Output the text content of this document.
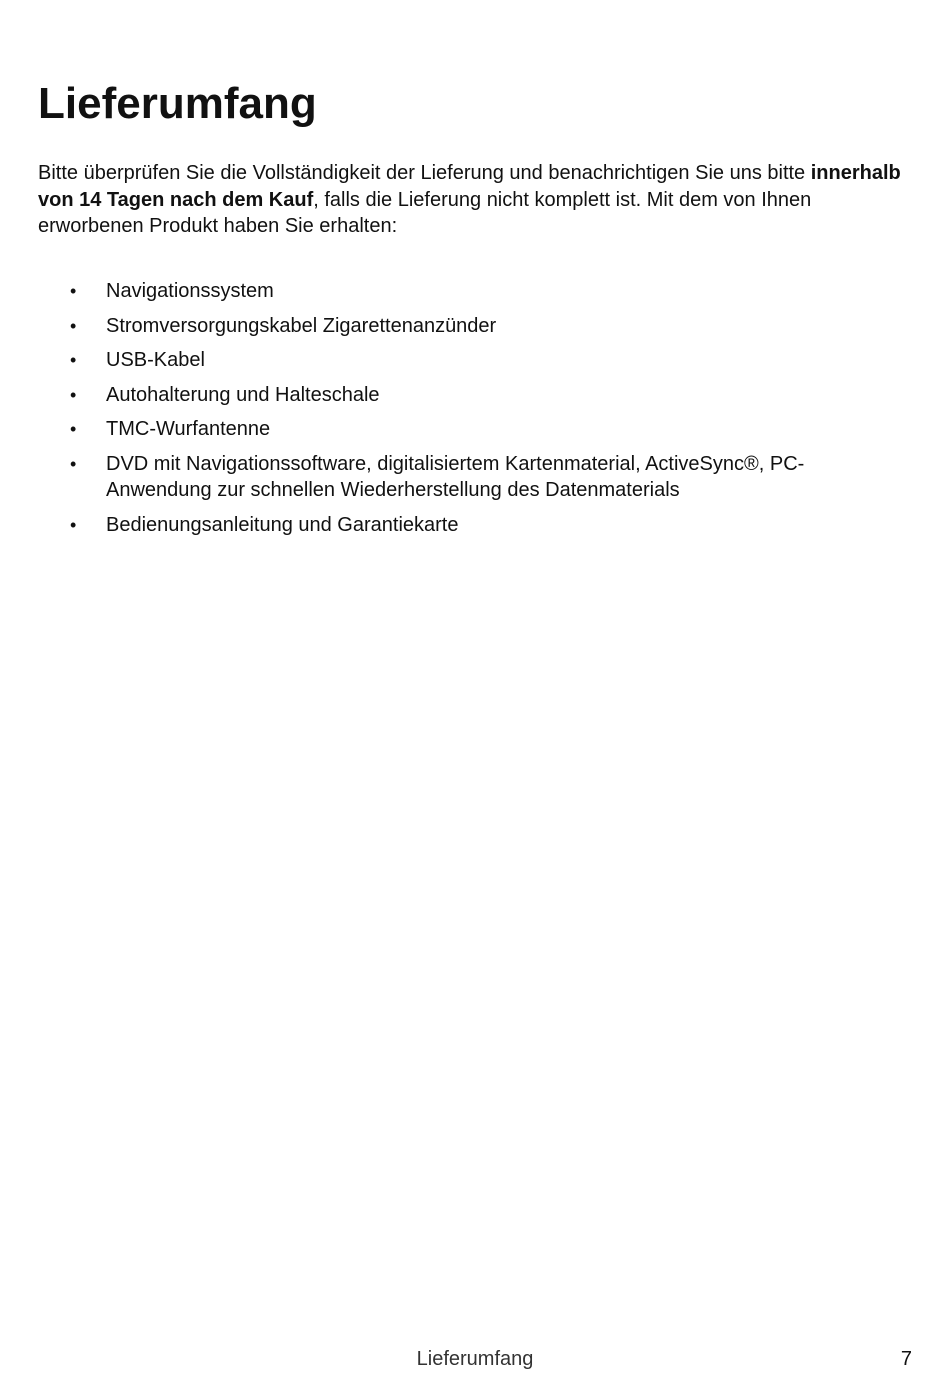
Lieferumfang

Bitte überprüfen Sie die Vollständigkeit der Lieferung und benachrichtigen Sie uns bitte innerhalb von 14 Tagen nach dem Kauf, falls die Lieferung nicht komplett ist. Mit dem von Ihnen erworbenen Produkt haben Sie erhalten:

• Navigationssystem
• Stromversorgungskabel Zigarettenanzünder
• USB-Kabel
• Autohalterung und Halteschale
• TMC-Wurfantenne
• DVD mit Navigationssoftware, digitalisiertem Kartenmaterial, ActiveSync®, PC-Anwendung zur schnellen Wiederherstellung des Datenmaterials
• Bedienungsanleitung und Garantiekarte
Lieferumfang	7
